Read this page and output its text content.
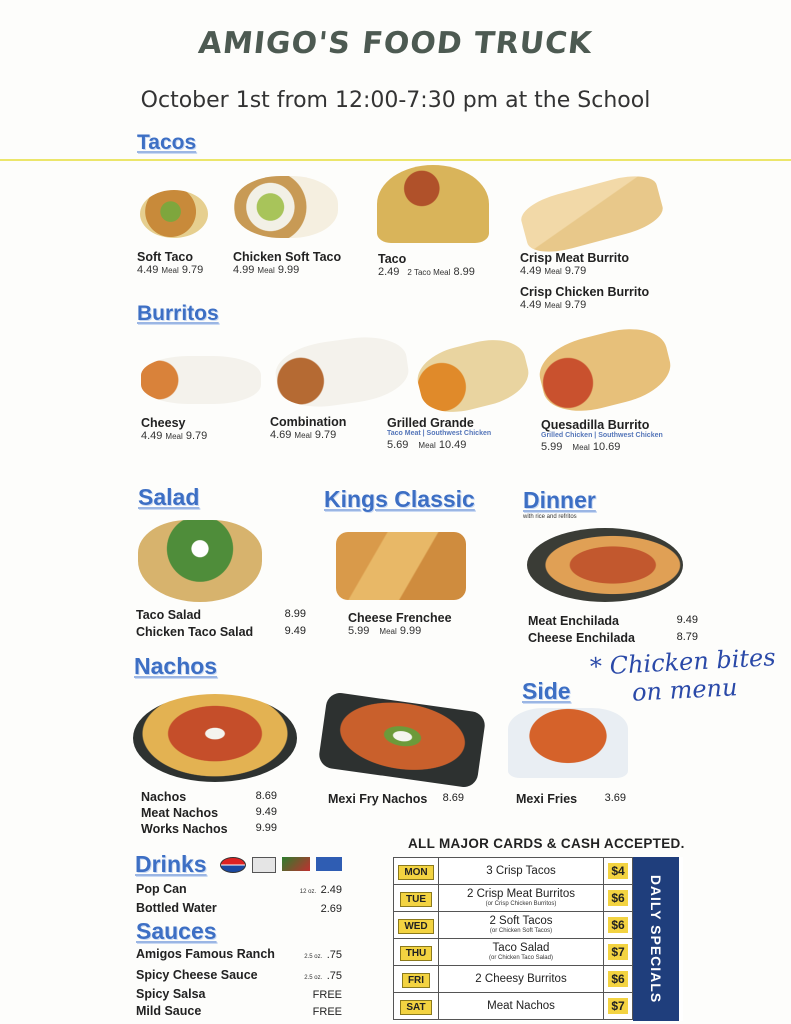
AMIGO'S FOOD TRUCK
October 1st from 12:00-7:30 pm at the School
Tacos
Soft Taco
4.49 Meal 9.79
Chicken Soft Taco
4.99 Meal 9.99
Taco
2.49 2 Taco Meal 8.99
Crisp Meat Burrito
4.49 Meal 9.79
Crisp Chicken Burrito
4.49 Meal 9.79
Burritos
Cheesy
4.49 Meal 9.79
Combination
4.69 Meal 9.79
Grilled Grande
Taco Meat | Southwest Chicken
5.69 Meal 10.49
Quesadilla Burrito
Grilled Chicken | Southwest Chicken
5.99 Meal 10.69
Salad	Kings Classic Dinner
with rice and refritos
Taco Salad	8.99
Chicken Taco Salad	9.49
Cheese Frenchee
5.99 Meal 9.99
Meat Enchilada	9.49
Cheese Enchilada	8.79
* Chicken bites
on menu
Nachos
Side
Nachos	8.69
Meat Nachos	9.49
Works Nachos	9.99
Mexi Fry Nachos 8.69	Mexi Fries 3.69
Drinks
Pop Can	12 oz. 2.49
Bottled Water	2.69
Sauces
Amigos Famous Ranch	2.5 oz. .75
Spicy Cheese Sauce	2.5 oz. .75
Spicy Salsa	FREE
Mild Sauce	FREE
ALL MAJOR CARDS & CASH ACCEPTED.
MON	3 Crisp Tacos	$4
TUE	2 Crisp Meat Burritos
(or Crisp Chicken Burritos)	$6
WED	2 Soft Tacos
(or Chicken Soft Tacos)	$6
THU	Taco Salad
(or Chicken Taco Salad)	$7
FRI	2 Cheesy Burritos	$6
SAT	Meat Nachos	$7
DAILY SPECIALS
